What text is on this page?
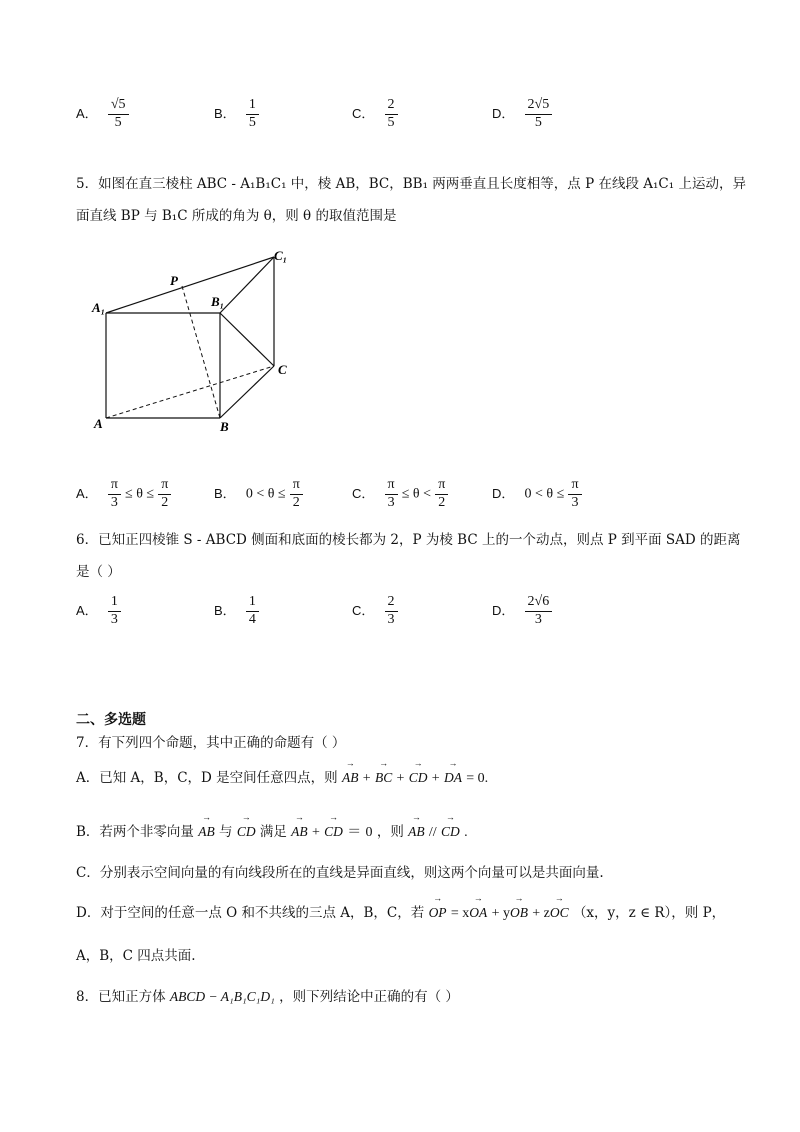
A． $\frac{√5}{5}$	B． $\frac{1}{5}$	C． $\frac{2}{5}$	D． $\frac{2√5}{5}$
5．如图在直三棱柱 ABC - A₁B₁C₁ 中，棱 AB，BC，BB₁ 两两垂直且长度相等，点 P 在线段 A₁C₁ 上运动，异
面直线 BP 与 B₁C 所成的角为 θ，则 θ 的取值范围是
A₁
P
B₁
C₁
C
A	B
A． $\frac{\pi}{3} \le \theta \le \frac{\pi}{2}$	B． $0 < \theta \le \frac{\pi}{2}$	C． $\frac{\pi}{3} \le \theta < \frac{\pi}{2}$	D． $0 < \theta \le \frac{\pi}{3}$
6．已知正四棱锥 S - ABCD 侧面和底面的棱长都为 2，P 为棱 BC 上的一个动点，则点 P 到平面 SAD 的距离
是（ ）
A． $\frac{1}{3}$	B． $\frac{1}{4}$	C． $\frac{2}{3}$	D． $\frac{2√6}{3}$
二、多选题
7．有下列四个命题，其中正确的命题有（ ）
A．已知 A，B，C，D 是空间任意四点，则 → AB + → BC + → CD + → DA = 0.
B．若两个非零向量 → AB 与 → CD 满足 → AB + → CD ＝ 0 ，则 → AB // → CD .
C．分别表示空间向量的有向线段所在的直线是异面直线，则这两个向量可以是共面向量.
D．对于空间的任意一点 O 和不共线的三点 A，B，C，若 → OP = x→ OA + y→ OB + z→ OC （x，y，z ∈ R），则 P，
A，B，C 四点共面.
8．已知正方体 ABCD − A₁B₁C₁D₁ ，则下列结论中正确的有（ ）
